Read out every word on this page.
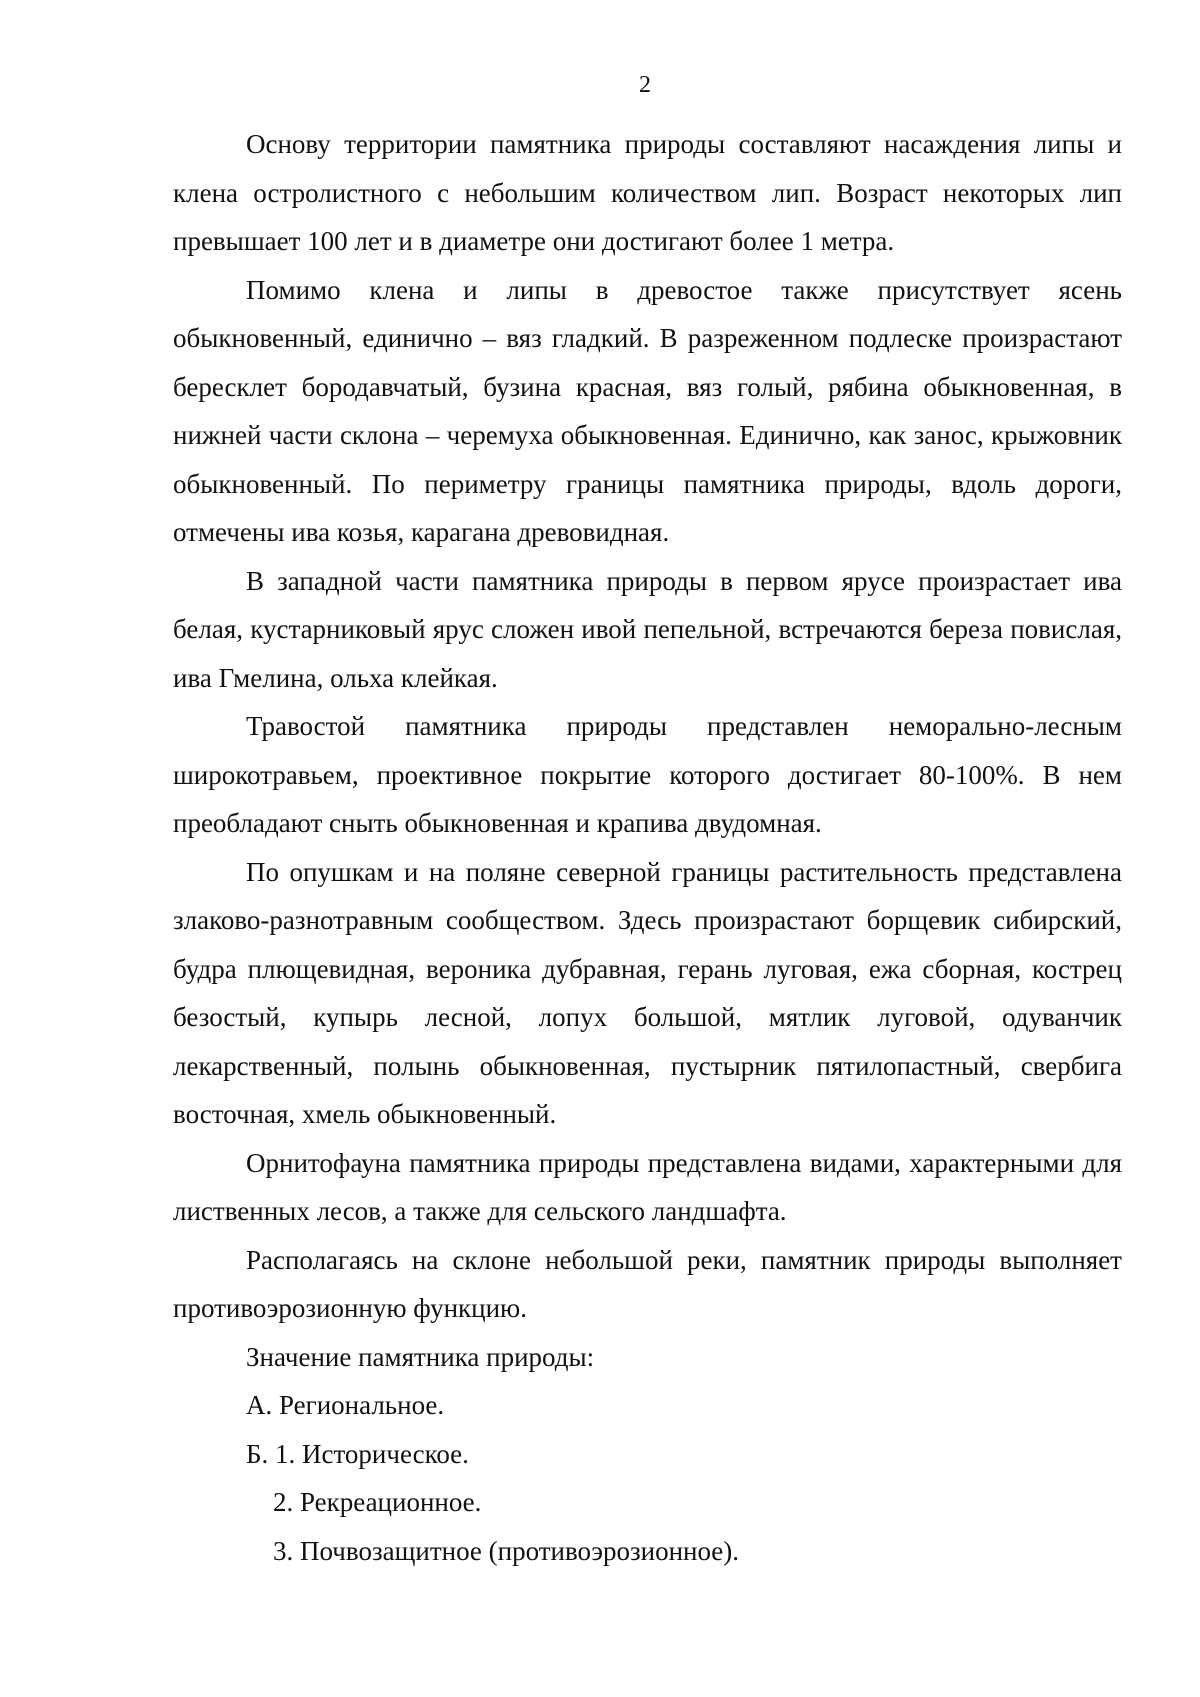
2

Основу территории памятника природы составляют насаждения липы и клена остролистного с небольшим количеством лип. Возраст некоторых лип превышает 100 лет и в диаметре они достигают более 1 метра.

Помимо клена и липы в древостое также присутствует ясень обыкновенный, единично – вяз гладкий. В разреженном подлеске произрастают бересклет бородавчатый, бузина красная, вяз голый, рябина обыкновенная, в нижней части склона – черемуха обыкновенная. Единично, как занос, крыжовник обыкновенный. По периметру границы памятника природы, вдоль дороги, отмечены ива козья, карагана древовидная.

В западной части памятника природы в первом ярусе произрастает ива белая, кустарниковый ярус сложен ивой пепельной, встречаются береза повислая, ива Гмелина, ольха клейкая.

Травостой памятника природы представлен неморально-лесным широкотравьем, проективное покрытие которого достигает 80-100%. В нем преобладают сныть обыкновенная и крапива двудомная.

По опушкам и на поляне северной границы растительность представлена злаково-разнотравным сообществом. Здесь произрастают борщевик сибирский, будра плющевидная, вероника дубравная, герань луговая, ежа сборная, кострец безостый, купырь лесной, лопух большой, мятлик луговой, одуванчик лекарственный, полынь обыкновенная, пустырник пятилопастный, свербига восточная, хмель обыкновенный.

Орнитофауна памятника природы представлена видами, характерными для лиственных лесов, а также для сельского ландшафта.

Располагаясь на склоне небольшой реки, памятник природы выполняет противоэрозионную функцию.

Значение памятника природы:
А. Региональное.
Б. 1. Историческое.
2. Рекреационное.
3. Почвозащитное (противоэрозионное).
